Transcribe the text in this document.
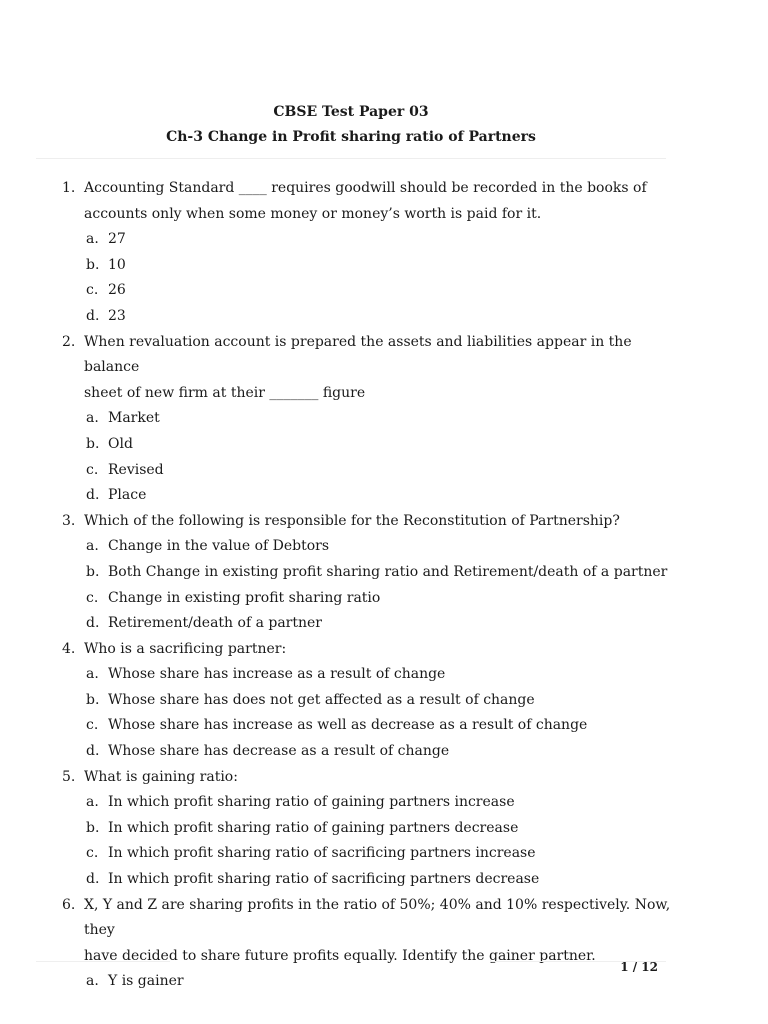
CBSE Test Paper 03
Ch-3 Change in Profit sharing ratio of Partners
1. Accounting Standard ____ requires goodwill should be recorded in the books of
accounts only when some money or money’s worth is paid for it.
a. 27
b. 10
c. 26
d. 23
2. When revaluation account is prepared the assets and liabilities appear in the balance
sheet of new firm at their _______ figure
a. Market
b. Old
c. Revised
d. Place
3. Which of the following is responsible for the Reconstitution of Partnership?
a. Change in the value of Debtors
b. Both Change in existing profit sharing ratio and Retirement/death of a partner
c. Change in existing profit sharing ratio
d. Retirement/death of a partner
4. Who is a sacrificing partner:
a. Whose share has increase as a result of change
b. Whose share has does not get affected as a result of change
c. Whose share has increase as well as decrease as a result of change
d. Whose share has decrease as a result of change
5. What is gaining ratio:
a. In which profit sharing ratio of gaining partners increase
b. In which profit sharing ratio of gaining partners decrease
c. In which profit sharing ratio of sacrificing partners increase
d. In which profit sharing ratio of sacrificing partners decrease
6. X, Y and Z are sharing profits in the ratio of 50%; 40% and 10% respectively. Now, they
have decided to share future profits equally. Identify the gainer partner.
a. Y is gainer
1 / 12
